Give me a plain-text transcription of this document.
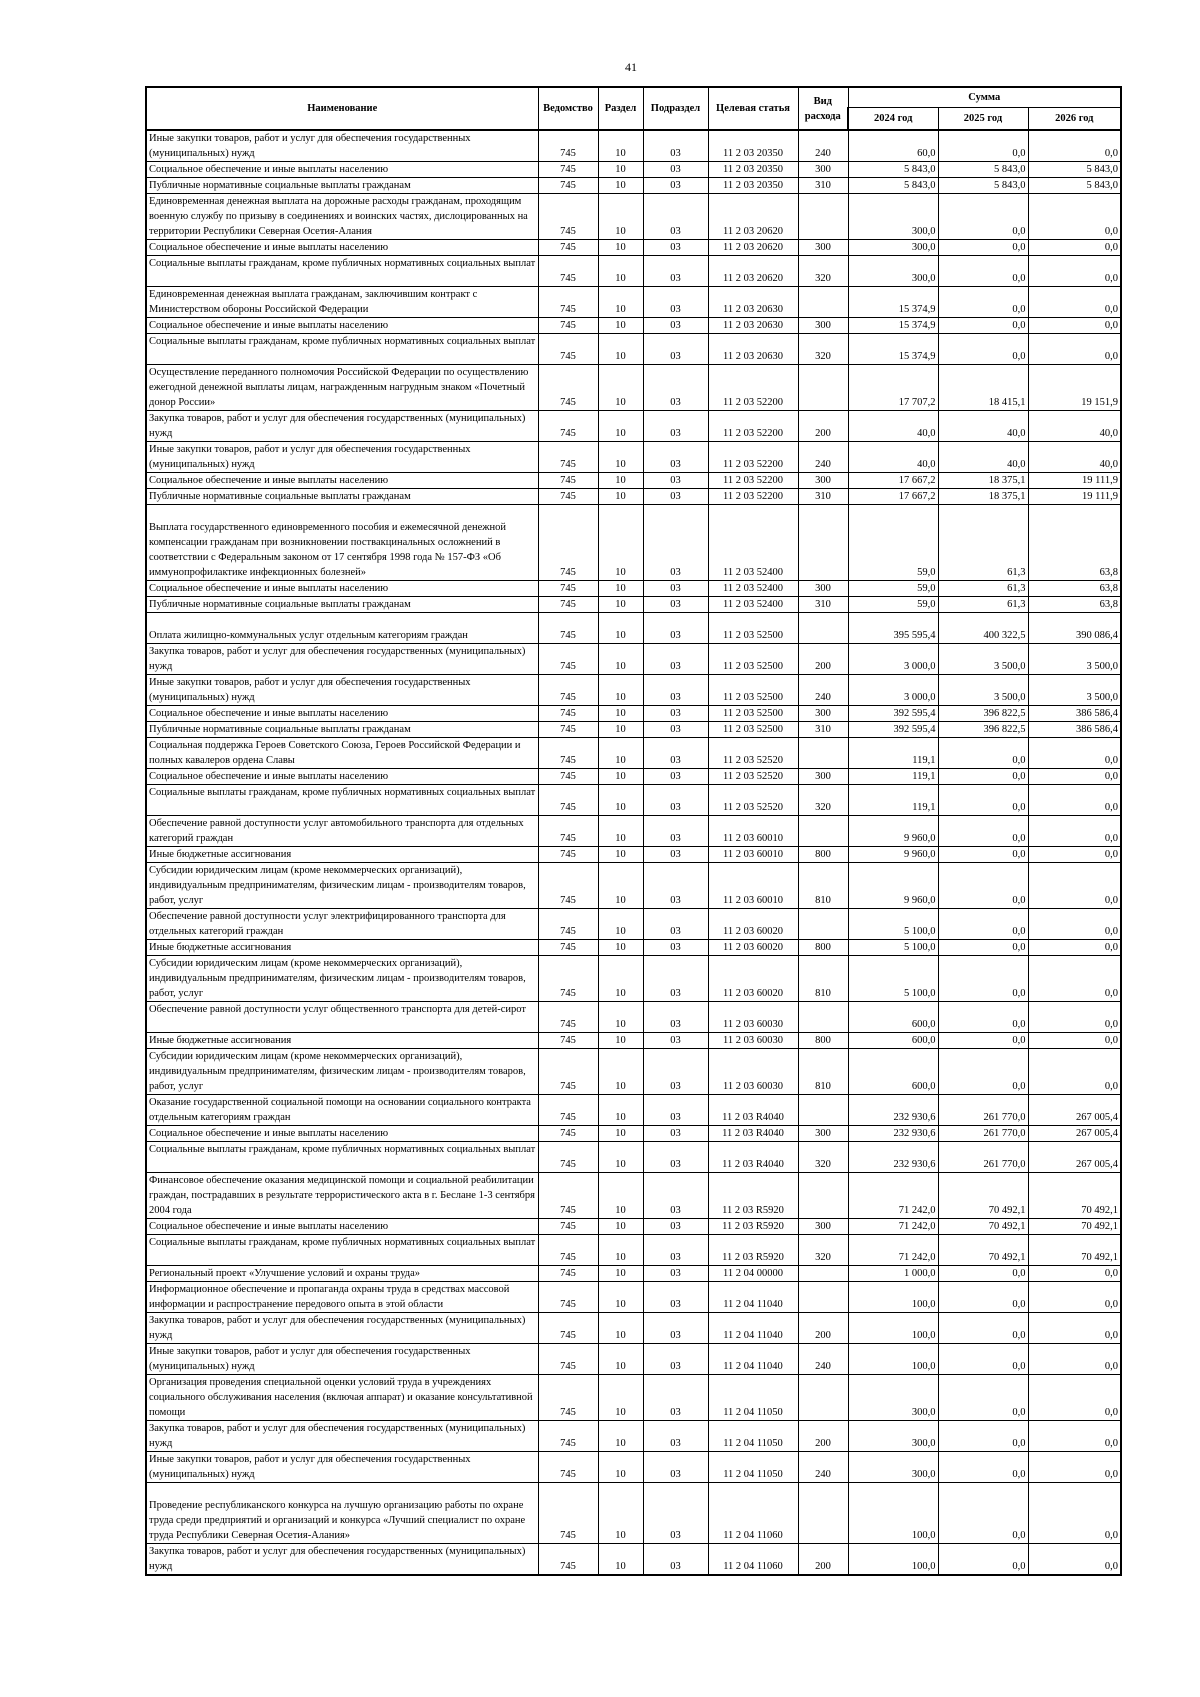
41
Наименование	Ведомство	Раздел	Подраздел	Целевая статья	Вид расхода	Сумма		
						2024 год	2025 год	2026 год
Иные закупки товаров, работ и услуг для обеспечения государственных (муниципальных) нужд	745	10	03	11 2 03 20350	240	60,0	0,0	0,0
Социальное обеспечение и иные выплаты населению	745	10	03	11 2 03 20350	300	5 843,0	5 843,0	5 843,0
Публичные нормативные социальные выплаты гражданам	745	10	03	11 2 03 20350	310	5 843,0	5 843,0	5 843,0
Единовременная денежная выплата на дорожные расходы гражданам, проходящим военную службу по призыву в соединениях и воинских частях, дислоцированных на территории Республики Северная Осетия-Алания	745	10	03	11 2 03 20620		300,0	0,0	0,0
Социальное обеспечение и иные выплаты населению	745	10	03	11 2 03 20620	300	300,0	0,0	0,0
Социальные выплаты гражданам, кроме публичных нормативных социальных выплат	745	10	03	11 2 03 20620	320	300,0	0,0	0,0
Единовременная денежная выплата гражданам, заключившим контракт с Министерством обороны Российской Федерации	745	10	03	11 2 03 20630		15 374,9	0,0	0,0
Социальное обеспечение и иные выплаты населению	745	10	03	11 2 03 20630	300	15 374,9	0,0	0,0
Социальные выплаты гражданам, кроме публичных нормативных социальных выплат	745	10	03	11 2 03 20630	320	15 374,9	0,0	0,0
Осуществление переданного полномочия Российской Федерации по осуществлению ежегодной денежной выплаты лицам, награжденным нагрудным знаком «Почетный донор России»	745	10	03	11 2 03 52200		17 707,2	18 415,1	19 151,9
Закупка товаров, работ и услуг для обеспечения государственных (муниципальных) нужд	745	10	03	11 2 03 52200	200	40,0	40,0	40,0
Иные закупки товаров, работ и услуг для обеспечения государственных (муниципальных) нужд	745	10	03	11 2 03 52200	240	40,0	40,0	40,0
Социальное обеспечение и иные выплаты населению	745	10	03	11 2 03 52200	300	17 667,2	18 375,1	19 111,9
Публичные нормативные социальные выплаты гражданам	745	10	03	11 2 03 52200	310	17 667,2	18 375,1	19 111,9
Выплата государственного единовременного пособия и ежемесячной денежной компенсации гражданам при возникновении поствакцинальных осложнений в соответствии с Федеральным законом от 17 сентября 1998 года № 157-ФЗ «Об иммунопрофилактике инфекционных болезней»	745	10	03	11 2 03 52400		59,0	61,3	63,8
Социальное обеспечение и иные выплаты населению	745	10	03	11 2 03 52400	300	59,0	61,3	63,8
Публичные нормативные социальные выплаты гражданам	745	10	03	11 2 03 52400	310	59,0	61,3	63,8
Оплата жилищно-коммунальных услуг отдельным категориям граждан	745	10	03	11 2 03 52500		395 595,4	400 322,5	390 086,4
Закупка товаров, работ и услуг для обеспечения государственных (муниципальных) нужд	745	10	03	11 2 03 52500	200	3 000,0	3 500,0	3 500,0
Иные закупки товаров, работ и услуг для обеспечения государственных (муниципальных) нужд	745	10	03	11 2 03 52500	240	3 000,0	3 500,0	3 500,0
Социальное обеспечение и иные выплаты населению	745	10	03	11 2 03 52500	300	392 595,4	396 822,5	386 586,4
Публичные нормативные социальные выплаты гражданам	745	10	03	11 2 03 52500	310	392 595,4	396 822,5	386 586,4
Социальная поддержка Героев Советского Союза, Героев Российской Федерации и полных кавалеров ордена Славы	745	10	03	11 2 03 52520		119,1	0,0	0,0
Социальное обеспечение и иные выплаты населению	745	10	03	11 2 03 52520	300	119,1	0,0	0,0
Социальные выплаты гражданам, кроме публичных нормативных социальных выплат	745	10	03	11 2 03 52520	320	119,1	0,0	0,0
Обеспечение равной доступности услуг автомобильного транспорта для отдельных категорий граждан	745	10	03	11 2 03 60010		9 960,0	0,0	0,0
Иные бюджетные ассигнования	745	10	03	11 2 03 60010	800	9 960,0	0,0	0,0
Субсидии юридическим лицам (кроме некоммерческих организаций), индивидуальным предпринимателям, физическим лицам - производителям товаров, работ, услуг	745	10	03	11 2 03 60010	810	9 960,0	0,0	0,0
Обеспечение равной доступности услуг электрифицированного транспорта для отдельных категорий граждан	745	10	03	11 2 03 60020		5 100,0	0,0	0,0
Иные бюджетные ассигнования	745	10	03	11 2 03 60020	800	5 100,0	0,0	0,0
Субсидии юридическим лицам (кроме некоммерческих организаций), индивидуальным предпринимателям, физическим лицам - производителям товаров, работ, услуг	745	10	03	11 2 03 60020	810	5 100,0	0,0	0,0
Обеспечение равной доступности услуг общественного транспорта для детей-сирот	745	10	03	11 2 03 60030		600,0	0,0	0,0
Иные бюджетные ассигнования	745	10	03	11 2 03 60030	800	600,0	0,0	0,0
Субсидии юридическим лицам (кроме некоммерческих организаций), индивидуальным предпринимателям, физическим лицам - производителям товаров, работ, услуг	745	10	03	11 2 03 60030	810	600,0	0,0	0,0
Оказание государственной социальной помощи на основании социального контракта отдельным категориям граждан	745	10	03	11 2 03 R4040		232 930,6	261 770,0	267 005,4
Социальное обеспечение и иные выплаты населению	745	10	03	11 2 03 R4040	300	232 930,6	261 770,0	267 005,4
Социальные выплаты гражданам, кроме публичных нормативных социальных выплат	745	10	03	11 2 03 R4040	320	232 930,6	261 770,0	267 005,4
Финансовое обеспечение оказания медицинской помощи и социальной реабилитации граждан, пострадавших в результате террористического акта в г. Беслане 1-3 сентября 2004 года	745	10	03	11 2 03 R5920		71 242,0	70 492,1	70 492,1
Социальное обеспечение и иные выплаты населению	745	10	03	11 2 03 R5920	300	71 242,0	70 492,1	70 492,1
Социальные выплаты гражданам, кроме публичных нормативных социальных выплат	745	10	03	11 2 03 R5920	320	71 242,0	70 492,1	70 492,1
Региональный проект «Улучшение условий и охраны труда»	745	10	03	11 2 04 00000		1 000,0	0,0	0,0
Информационное обеспечение и пропаганда охраны труда в средствах массовой информации и распространение передового опыта в этой области	745	10	03	11 2 04 11040		100,0	0,0	0,0
Закупка товаров, работ и услуг для обеспечения государственных (муниципальных) нужд	745	10	03	11 2 04 11040	200	100,0	0,0	0,0
Иные закупки товаров, работ и услуг для обеспечения государственных (муниципальных) нужд	745	10	03	11 2 04 11040	240	100,0	0,0	0,0
Организация проведения специальной оценки условий труда в учреждениях социального обслуживания населения (включая аппарат) и оказание консультативной помощи	745	10	03	11 2 04 11050		300,0	0,0	0,0
Закупка товаров, работ и услуг для обеспечения государственных (муниципальных) нужд	745	10	03	11 2 04 11050	200	300,0	0,0	0,0
Иные закупки товаров, работ и услуг для обеспечения государственных (муниципальных) нужд	745	10	03	11 2 04 11050	240	300,0	0,0	0,0
Проведение республиканского конкурса на лучшую организацию работы по охране труда среди предприятий и организаций и конкурса «Лучший специалист по охране труда Республики Северная Осетия-Алания»	745	10	03	11 2 04 11060		100,0	0,0	0,0
Закупка товаров, работ и услуг для обеспечения государственных (муниципальных) нужд	745	10	03	11 2 04 11060	200	100,0	0,0	0,0
